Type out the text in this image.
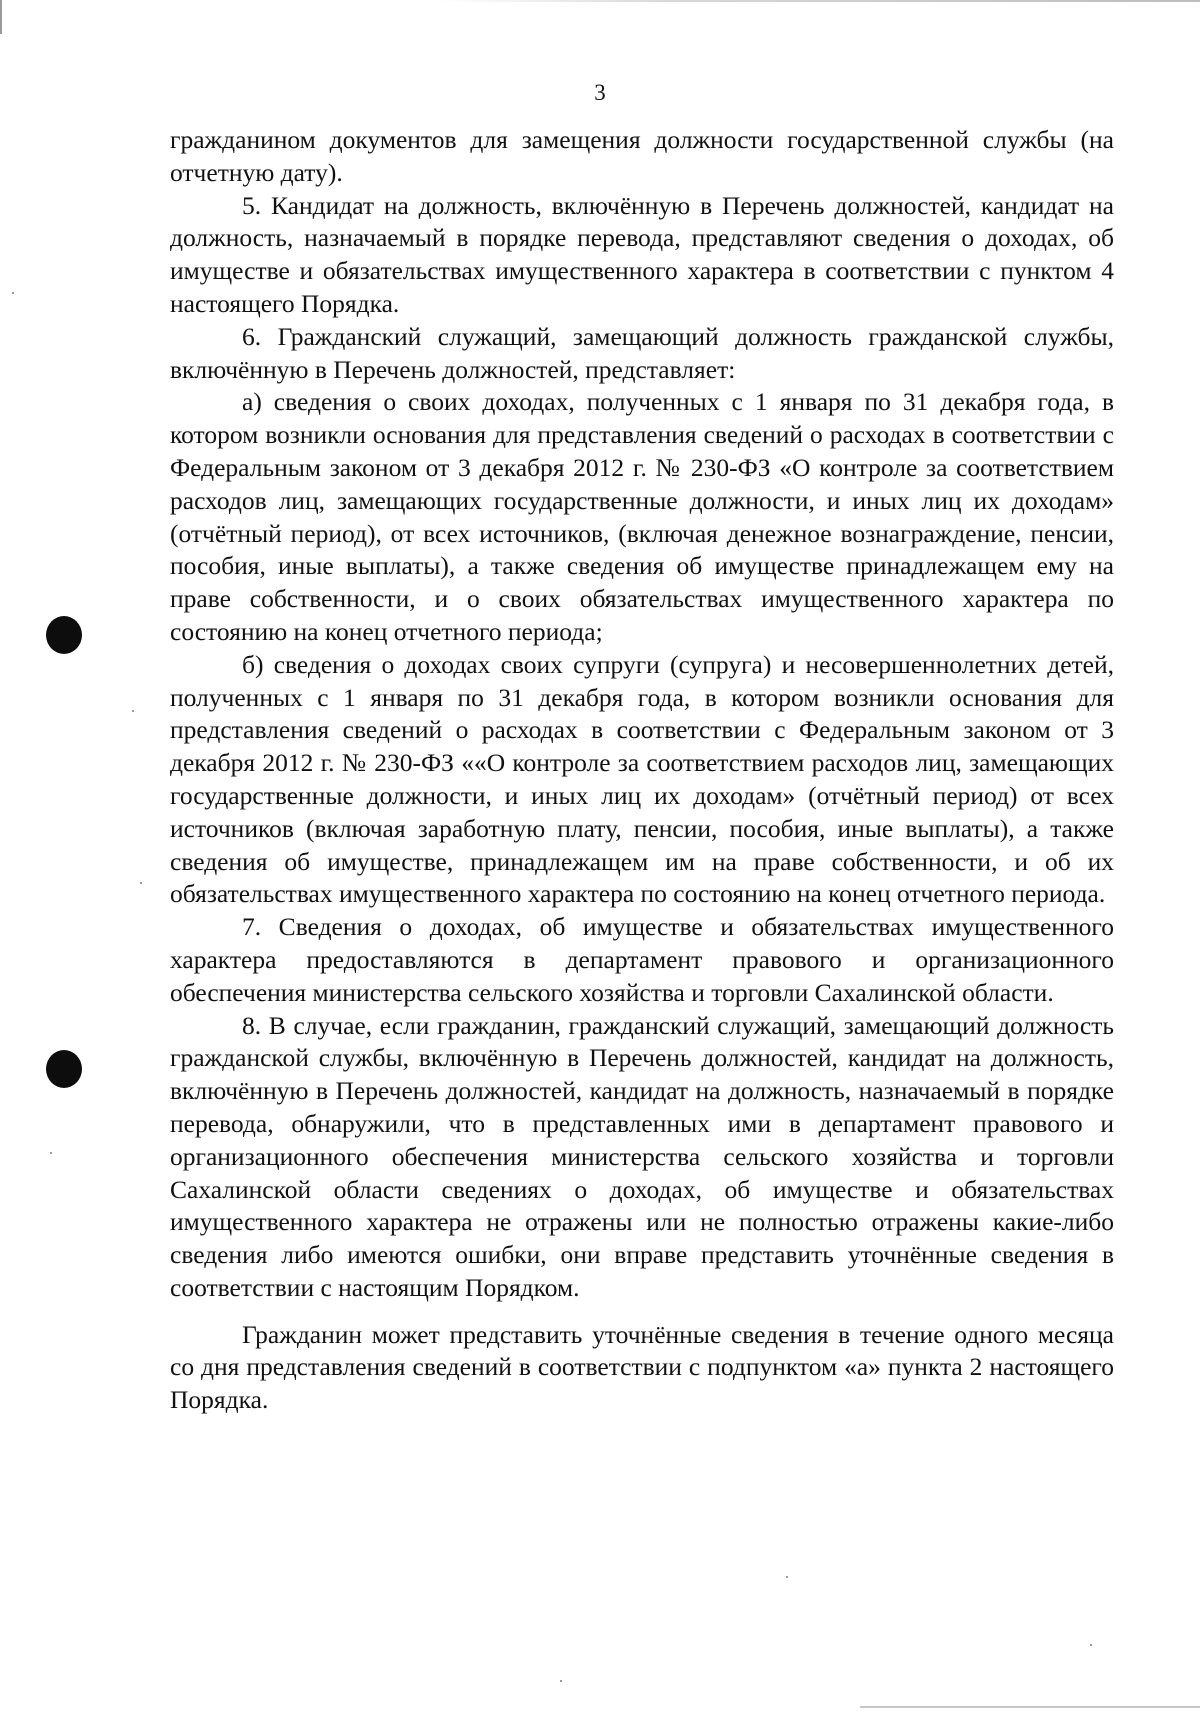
3

гражданином документов для замещения должности государственной службы (на отчетную дату).

5. Кандидат на должность, включённую в Перечень должностей, кандидат на должность, назначаемый в порядке перевода, представляют сведения о доходах, об имуществе и обязательствах имущественного характера в соответствии с пунктом 4 настоящего Порядка.

6. Гражданский служащий, замещающий должность гражданской службы, включённую в Перечень должностей, представляет:

а) сведения о своих доходах, полученных с 1 января по 31 декабря года, в котором возникли основания для представления сведений о расходах в соответствии с Федеральным законом от 3 декабря 2012 г. № 230-ФЗ «О контроле за соответствием расходов лиц, замещающих государственные должности, и иных лиц их доходам» (отчётный период), от всех источников, (включая денежное вознаграждение, пенсии, пособия, иные выплаты), а также сведения об имуществе принадлежащем ему на праве собственности, и о своих обязательствах имущественного характера по состоянию на конец отчетного периода;

б) сведения о доходах своих супруги (супруга) и несовершеннолетних детей, полученных с 1 января по 31 декабря года, в котором возникли основания для представления сведений о расходах в соответствии с Федеральным законом от 3 декабря 2012 г. № 230-ФЗ ««О контроле за соответствием расходов лиц, замещающих государственные должности, и иных лиц их доходам» (отчётный период) от всех источников (включая заработную плату, пенсии, пособия, иные выплаты), а также сведения об имуществе, принадлежащем им на праве собственности, и об их обязательствах имущественного характера по состоянию на конец отчетного периода.

7. Сведения о доходах, об имуществе и обязательствах имущественного характера предоставляются в департамент правового и организационного обеспечения министерства сельского хозяйства и торговли Сахалинской области.

8. В случае, если гражданин, гражданский служащий, замещающий должность гражданской службы, включённую в Перечень должностей, кандидат на должность, включённую в Перечень должностей, кандидат на должность, назначаемый в порядке перевода, обнаружили, что в представленных ими в департамент правового и организационного обеспечения министерства сельского хозяйства и торговли Сахалинской области сведениях о доходах, об имуществе и обязательствах имущественного характера не отражены или не полностью отражены какие-либо сведения либо имеются ошибки, они вправе представить уточнённые сведения в соответствии с настоящим Порядком.

Гражданин может представить уточнённые сведения в течение одного месяца со дня представления сведений в соответствии с подпунктом «а» пункта 2 настоящего Порядка.
